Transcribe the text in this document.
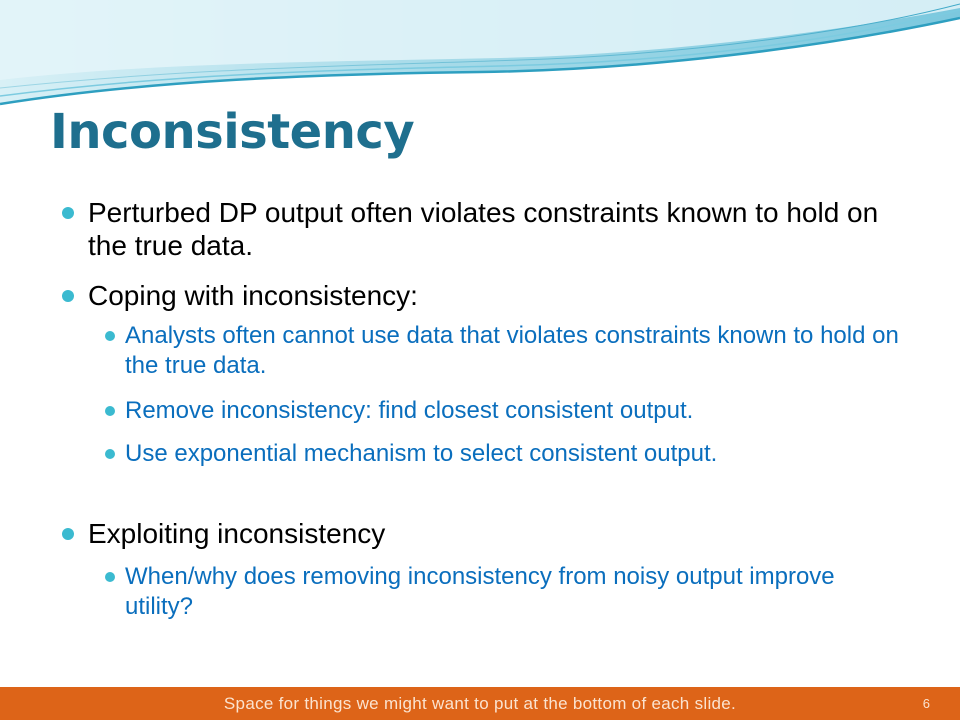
Inconsistency
Perturbed DP output often violates constraints known to hold on the true data.
Coping with inconsistency:
Analysts often cannot use data that violates constraints known to hold on the true data.
Remove inconsistency: find closest consistent output.
Use exponential mechanism to select consistent output.
Exploiting inconsistency
When/why does removing inconsistency from noisy output improve utility?
Space for things we might want to put at the bottom of each slide.	6
